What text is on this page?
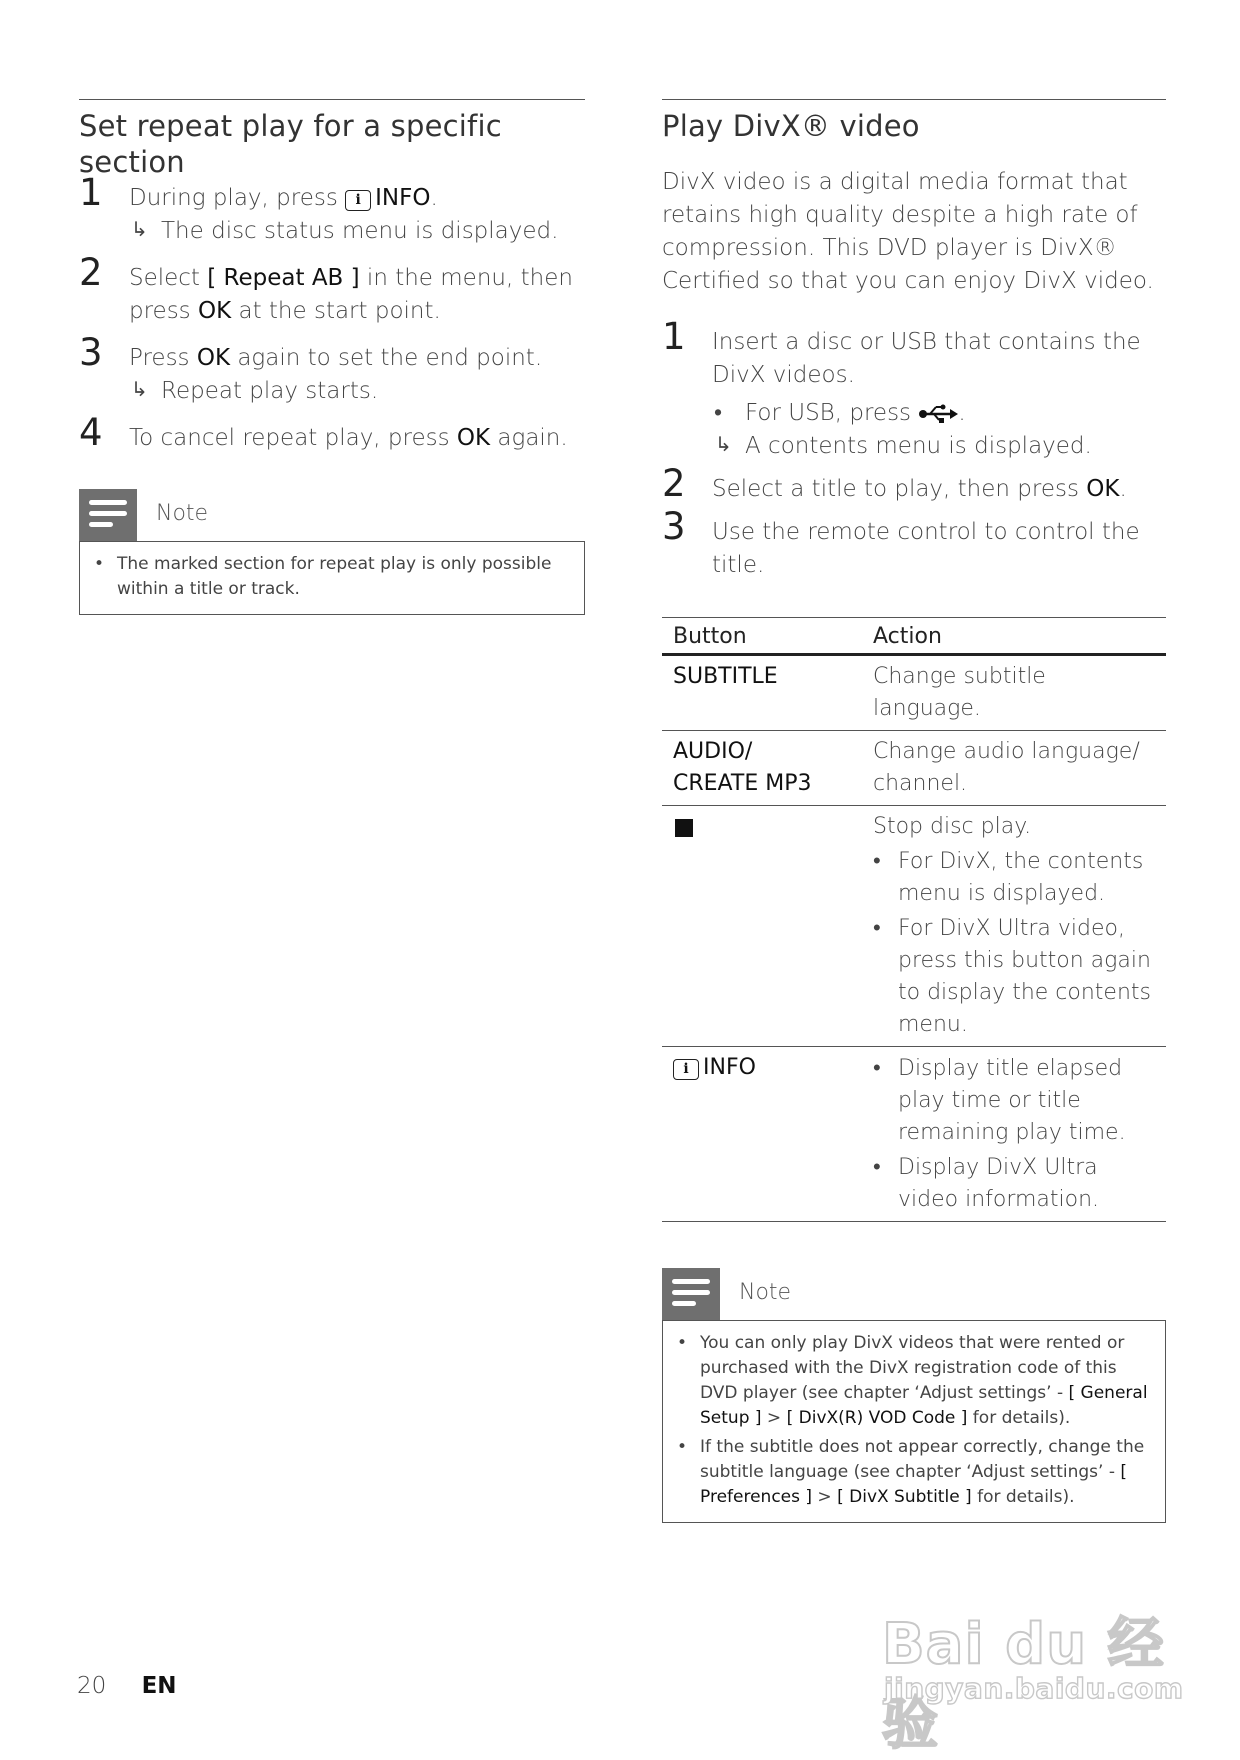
Set repeat play for a specific section
1 During play, press i INFO.
↳ The disc status menu is displayed.
2 Select [ Repeat AB ] in the menu, then
press OK at the start point.
3 Press OK again to set the end point.
↳ Repeat play starts.
4 To cancel repeat play, press OK again.
Note
• The marked section for repeat play is only possible within a title or track.
Play DivX® video
DivX video is a digital media format that retains high quality despite a high rate of compression. This DVD player is DivX® Certified so that you can enjoy DivX video.
1 Insert a disc or USB that contains the DivX videos.
• For USB, press .
↳ A contents menu is displayed.
2 Select a title to play, then press OK.
3 Use the remote control to control the title.
Button	Action
SUBTITLE	Change subtitle language.

AUDIO/
CREATE MP3	Change audio language/ channel.

	Stop disc play.
• For DivX, the contents menu is displayed.
• For DivX Ultra video, press this button again to display the contents menu.

i INFO	• Display title elapsed play time or title remaining play time.
• Display DivX Ultra video information.
Note
• You can only play DivX videos that were rented or purchased with the DivX registration code of this DVD player (see chapter ‘Adjust settings’ - [ General Setup ] > [ DivX(R) VOD Code ] for details).
• If the subtitle does not appear correctly, change the subtitle language (see chapter ‘Adjust settings’ - [ Preferences ] > [ DivX Subtitle ] for details).
20 EN
Bai du 经验
jingyan.baidu.com
